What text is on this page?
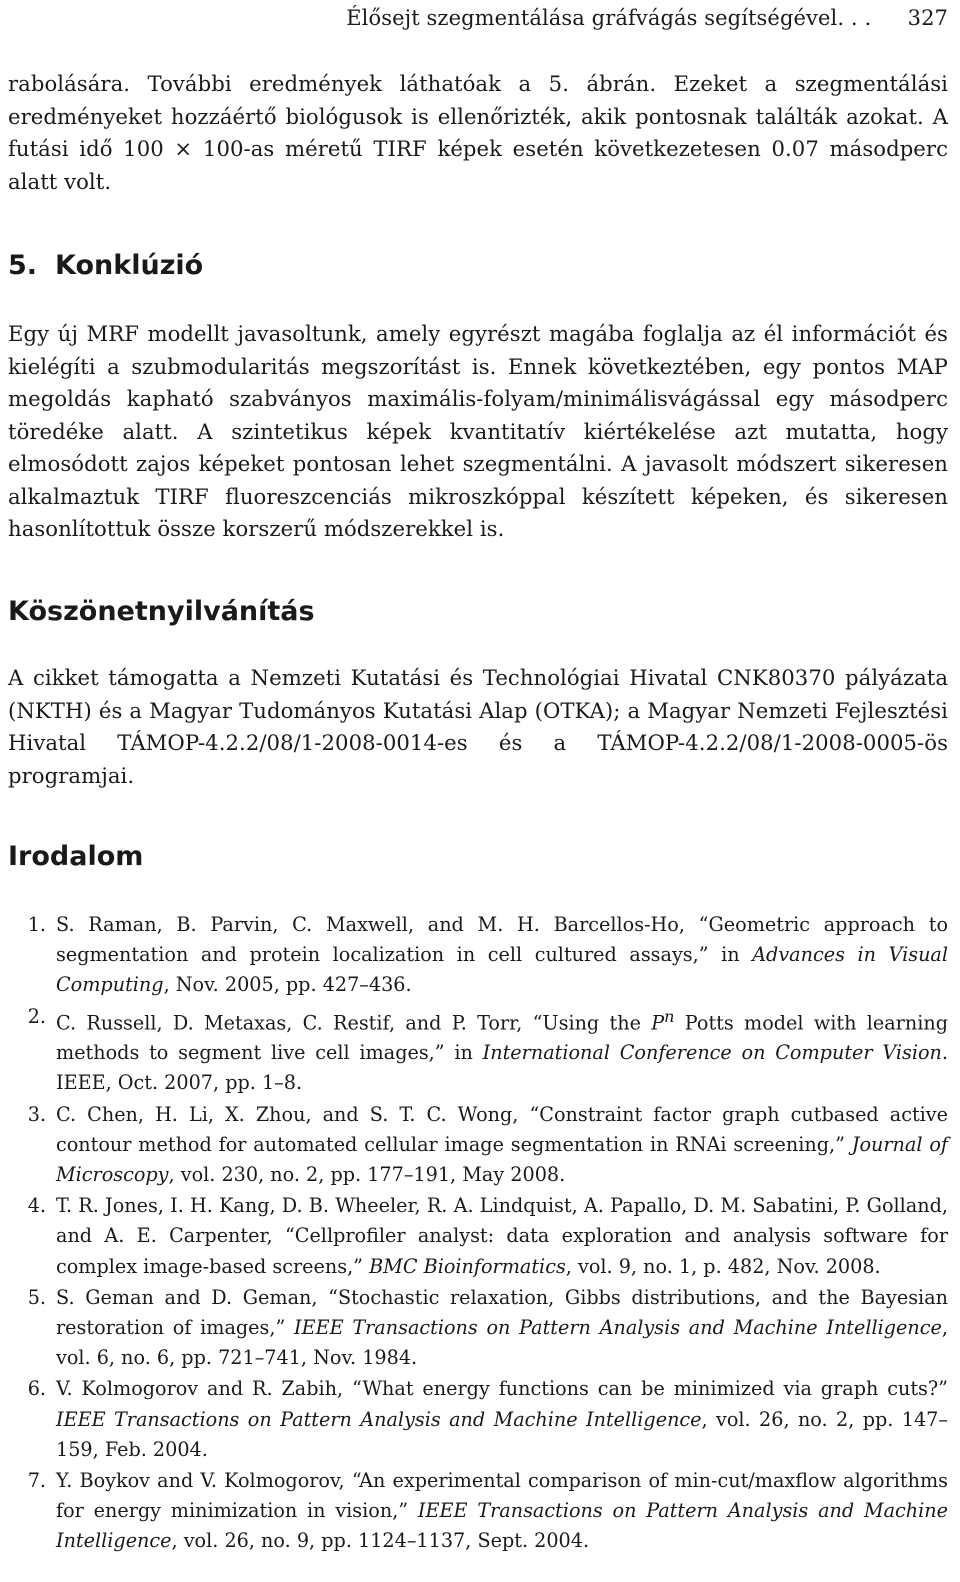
Élősejt szegmentálása gráfvágás segítségével. . . 327

rabolására. További eredmények láthatóak a 5. ábrán. Ezeket a szegmentálási eredményeket hozzáértő biológusok is ellenőrizték, akik pontosnak találták azokat. A futási idő 100 × 100-as méretű TIRF képek esetén következetesen 0.07 másodperc alatt volt.

5. Konklúzió

Egy új MRF modellt javasoltunk, amely egyrészt magába foglalja az él információt és kielégíti a szubmodularitás megszorítást is. Ennek következtében, egy pontos MAP megoldás kapható szabványos maximális-folyam/minimálisvágással egy másodperc töredéke alatt. A szintetikus képek kvantitatív kiértékelése azt mutatta, hogy elmosódott zajos képeket pontosan lehet szegmentálni. A javasolt módszert sikeresen alkalmaztuk TIRF fluoreszcenciás mikroszkóppal készített képeken, és sikeresen hasonlítottuk össze korszerű módszerekkel is.

Köszönetnyilvánítás

A cikket támogatta a Nemzeti Kutatási és Technológiai Hivatal CNK80370 pályázata (NKTH) és a Magyar Tudományos Kutatási Alap (OTKA); a Magyar Nemzeti Fejlesztési Hivatal TÁMOP-4.2.2/08/1-2008-0014-es és a TÁMOP-4.2.2/08/1-2008-0005-ös programjai.

Irodalom
1. S. Raman, B. Parvin, C. Maxwell, and M. H. Barcellos-Ho, “Geometric approach to segmentation and protein localization in cell cultured assays,” in Advances in Visual Computing, Nov. 2005, pp. 427–436.
2. C. Russell, D. Metaxas, C. Restif, and P. Torr, “Using the $P^n$ Potts model with learning methods to segment live cell images,” in International Conference on Computer Vision. IEEE, Oct. 2007, pp. 1–8.
3. C. Chen, H. Li, X. Zhou, and S. T. C. Wong, “Constraint factor graph cutbased active contour method for automated cellular image segmentation in RNAi screening,” Journal of Microscopy, vol. 230, no. 2, pp. 177–191, May 2008.
4. T. R. Jones, I. H. Kang, D. B. Wheeler, R. A. Lindquist, A. Papallo, D. M. Sabatini, P. Golland, and A. E. Carpenter, “Cellprofiler analyst: data exploration and analysis software for complex image-based screens,” BMC Bioinformatics, vol. 9, no. 1, p. 482, Nov. 2008.
5. S. Geman and D. Geman, “Stochastic relaxation, Gibbs distributions, and the Bayesian restoration of images,” IEEE Transactions on Pattern Analysis and Machine Intelligence, vol. 6, no. 6, pp. 721–741, Nov. 1984.
6. V. Kolmogorov and R. Zabih, “What energy functions can be minimized via graph cuts?” IEEE Transactions on Pattern Analysis and Machine Intelligence, vol. 26, no. 2, pp. 147–159, Feb. 2004.
7. Y. Boykov and V. Kolmogorov, “An experimental comparison of min-cut/maxflow algorithms for energy minimization in vision,” IEEE Transactions on Pattern Analysis and Machine Intelligence, vol. 26, no. 9, pp. 1124–1137, Sept. 2004.
